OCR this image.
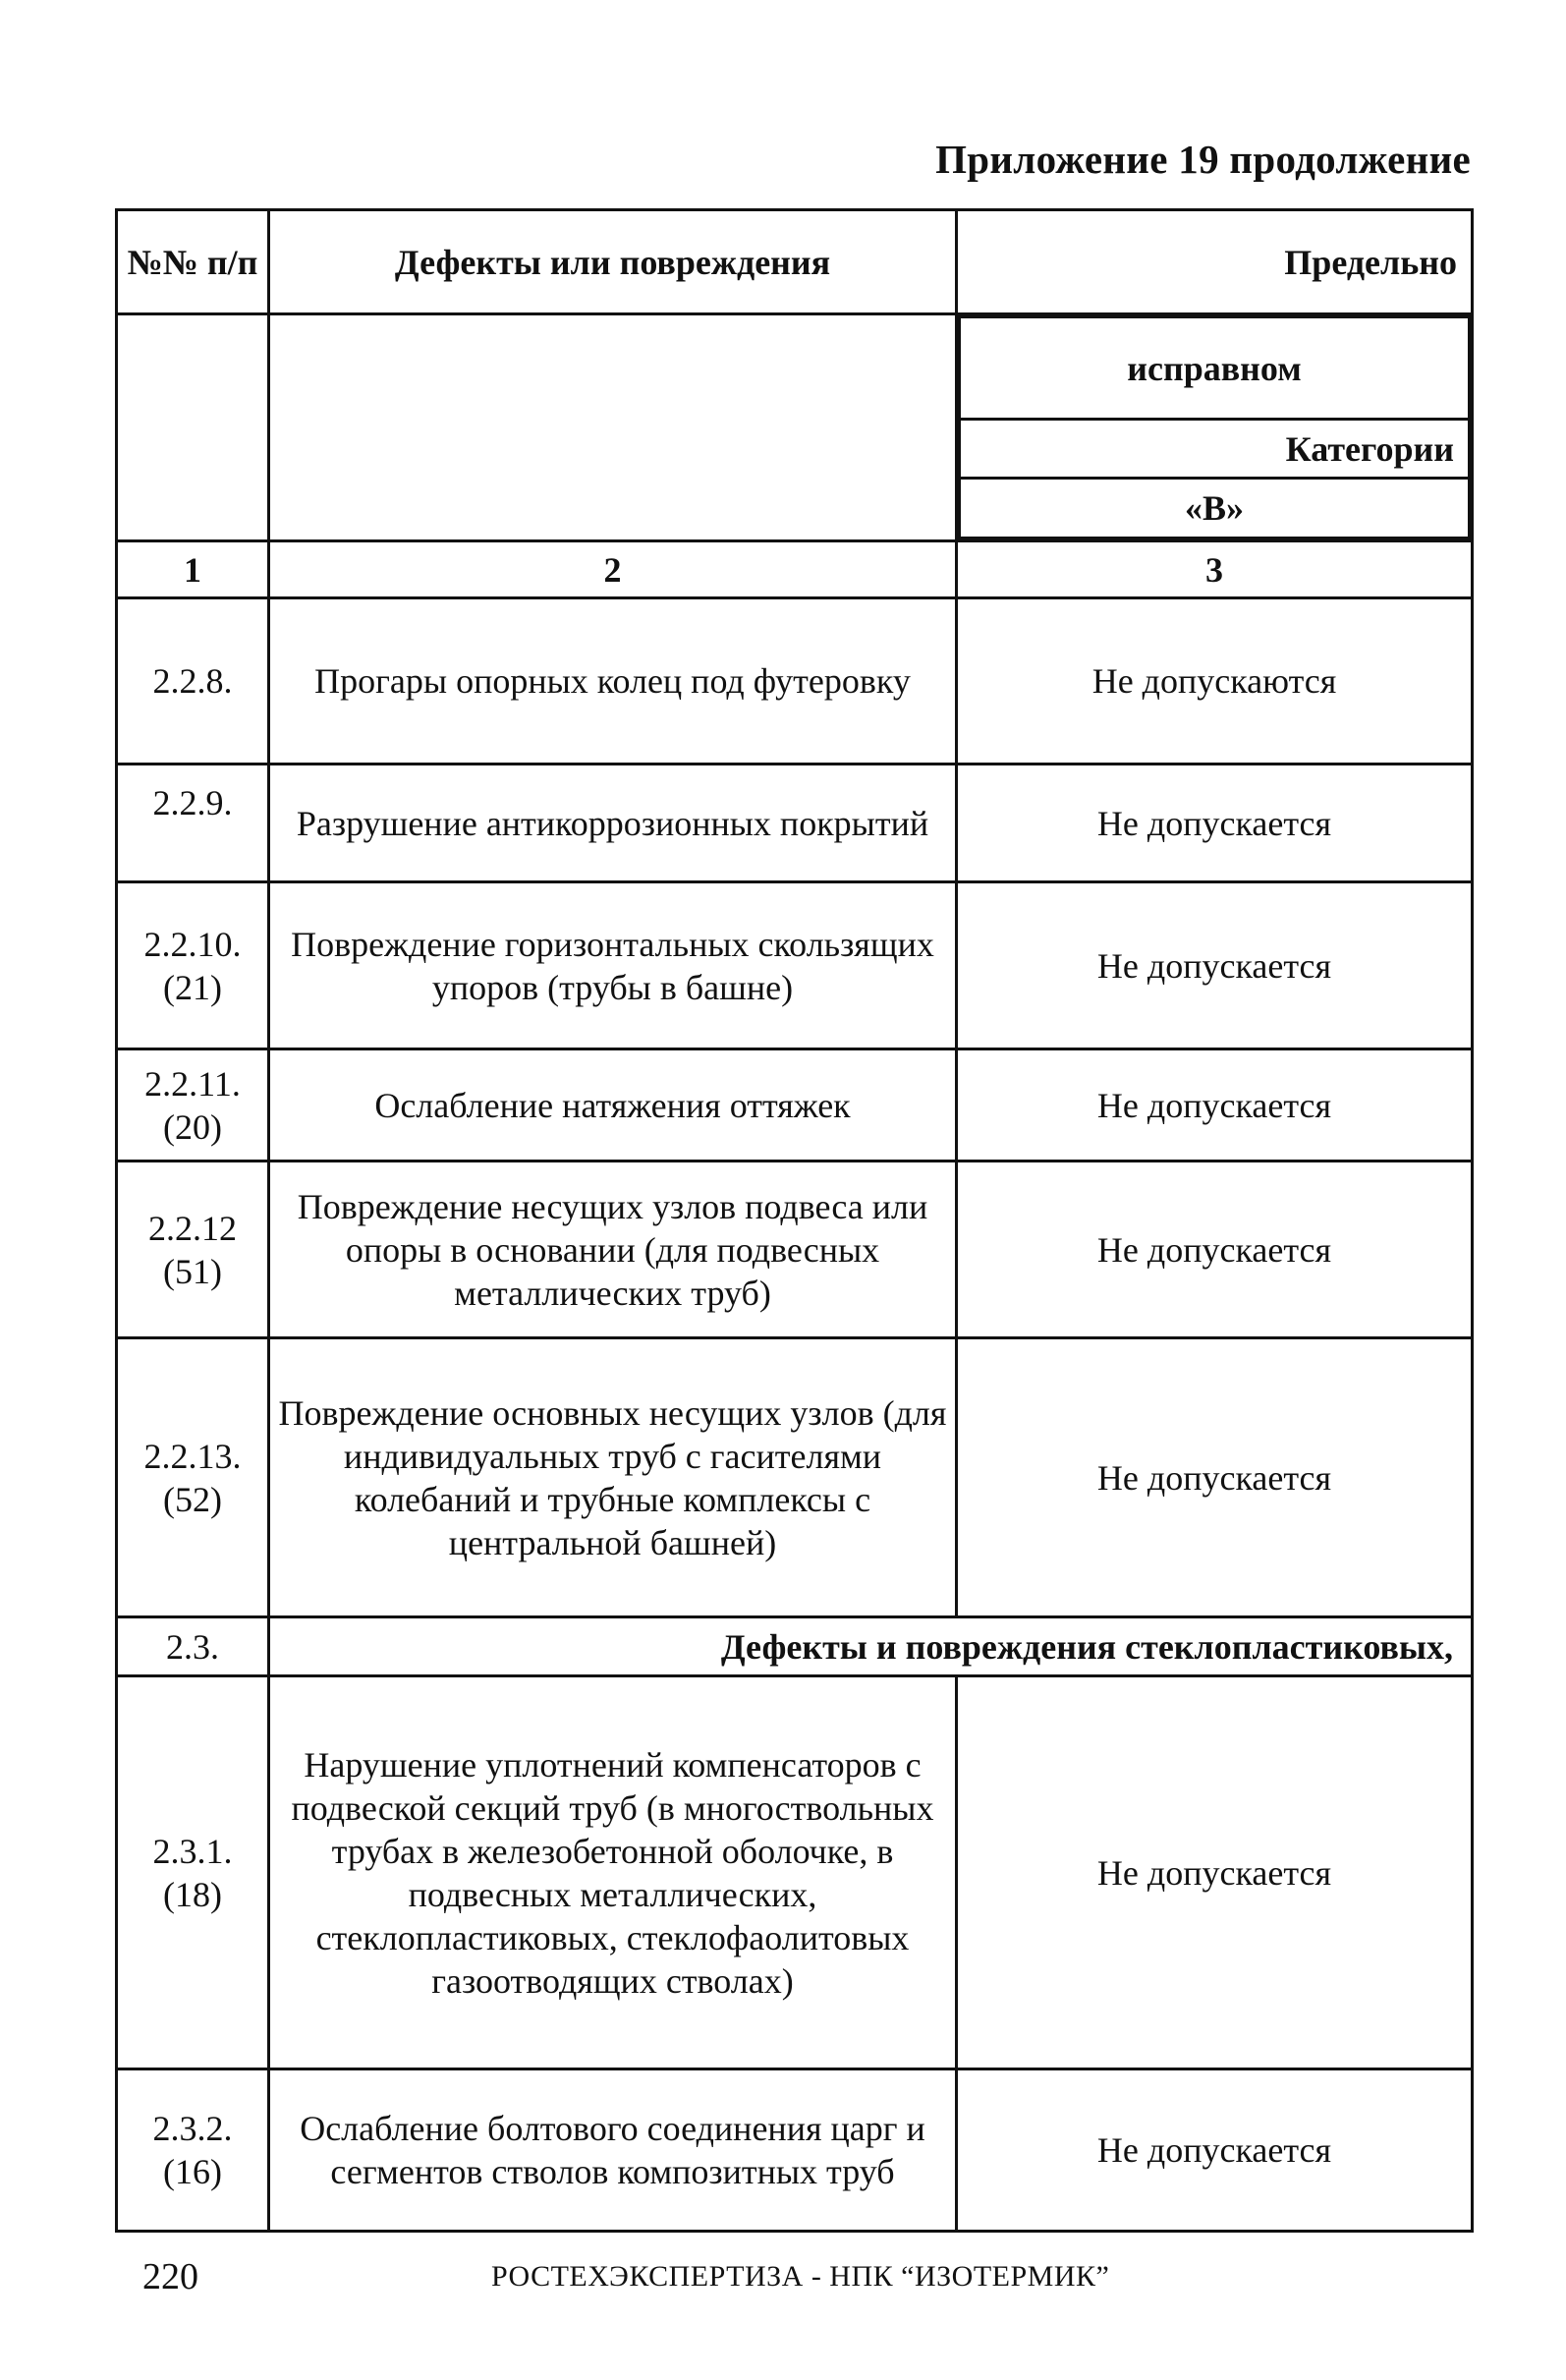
Приложение 19 продолжение
№№ п/п	Дефекты или повреждения	Предельно

исправном
Категории
«В»

1	2	3
2.2.8.	Прогары опорных колец под футеровку	Не допускаются
2.2.9.	Разрушение антикоррозионных покрытий	Не допускается
2.2.10. (21)	Повреждение горизонтальных скользящих упоров (трубы в башне)	Не допускается
2.2.11. (20)	Ослабление натяжения оттяжек	Не допускается
2.2.12 (51)	Повреждение несущих узлов подвеса или опоры в основании (для подвесных металлических труб)	Не допускается
2.2.13. (52)	Повреждение основных несущих узлов (для индивидуальных труб с гасителями колебаний и трубные комплексы с центральной башней)	Не допускается
2.3.	Дефекты и повреждения стеклопластиковых,
2.3.1. (18)	Нарушение уплотнений компенсаторов с подвеской секций труб (в многоствольных трубах в железобетонной оболочке, в подвесных металлических, стеклопластиковых, стеклофаолитовых газоотводящих стволах)	Не допускается
2.3.2. (16)	Ослабление болтового соединения царг и сегментов стволов композитных труб	Не допускается
220	РОСТЕХЭКСПЕРТИЗА - НПК “ИЗОТЕРМИК”
